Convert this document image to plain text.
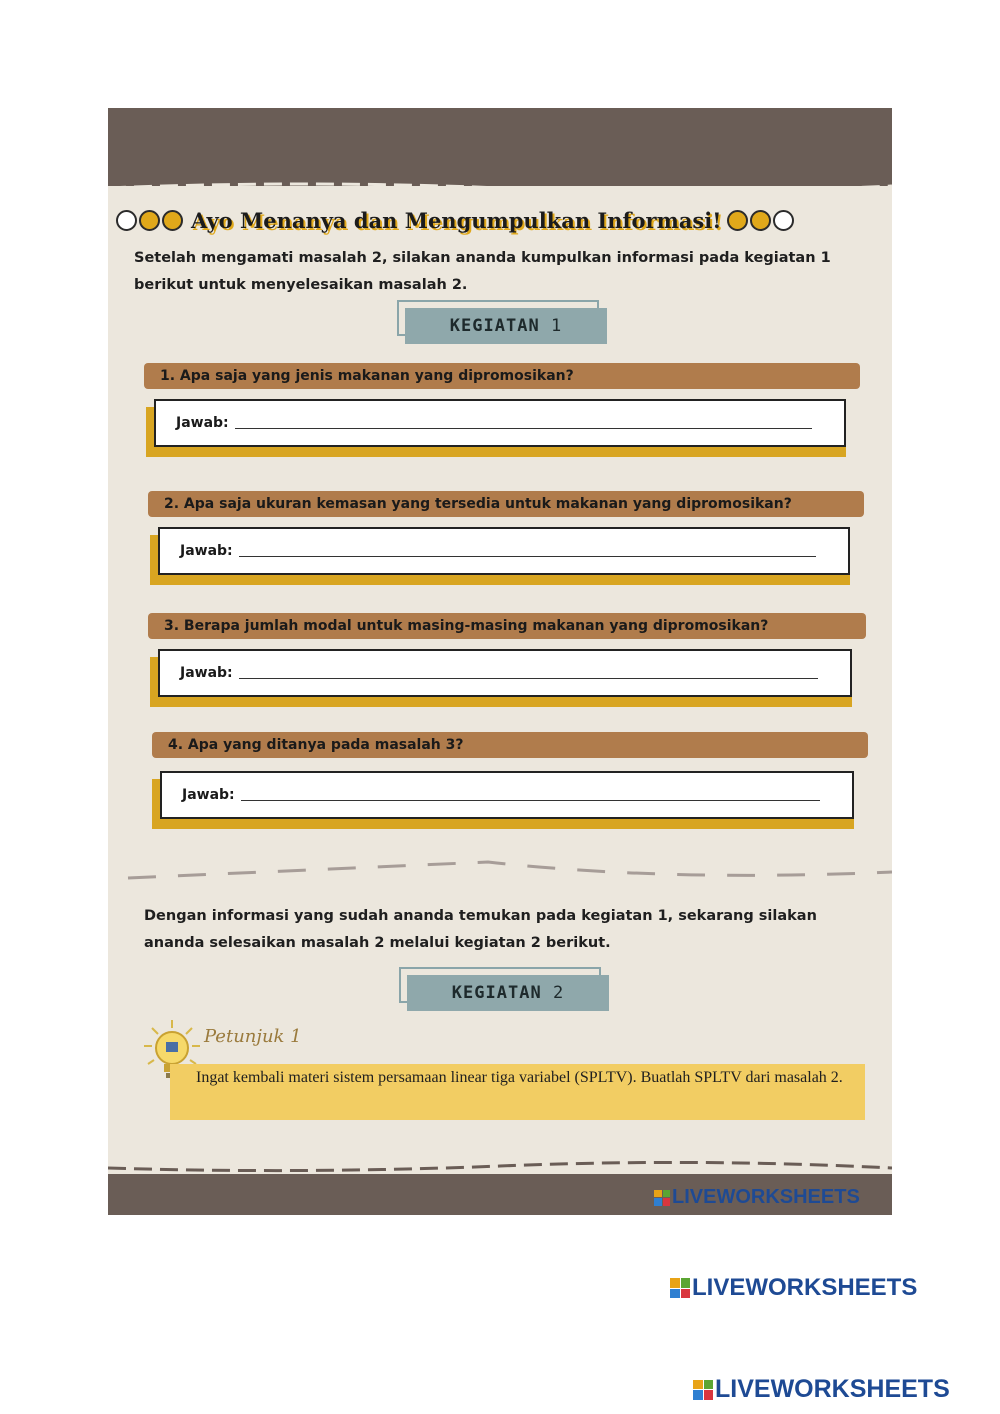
Ayo Menanya dan Mengumpulkan Informasi!
Setelah mengamati masalah 2, silakan ananda kumpulkan informasi pada kegiatan 1 berikut untuk menyelesaikan masalah 2.
KEGIATAN
1
1. Apa saja yang jenis makanan yang dipromosikan?
Jawab:
2. Apa saja ukuran kemasan yang tersedia untuk makanan yang dipromosikan?
Jawab:
3. Berapa jumlah modal untuk masing-masing makanan yang dipromosikan?
Jawab:
4. Apa yang ditanya pada masalah 3?
Jawab:
Dengan informasi yang sudah ananda temukan pada kegiatan 1, sekarang silakan ananda selesaikan masalah 2 melalui kegiatan 2 berikut.
KEGIATAN
2
Petunjuk 1
Ingat kembali materi sistem persamaan linear tiga variabel (SPLTV). Buatlah SPLTV dari masalah 2.
LIVEWORKSHEETS
LIVEWORKSHEETS
LIVEWORKSHEETS
